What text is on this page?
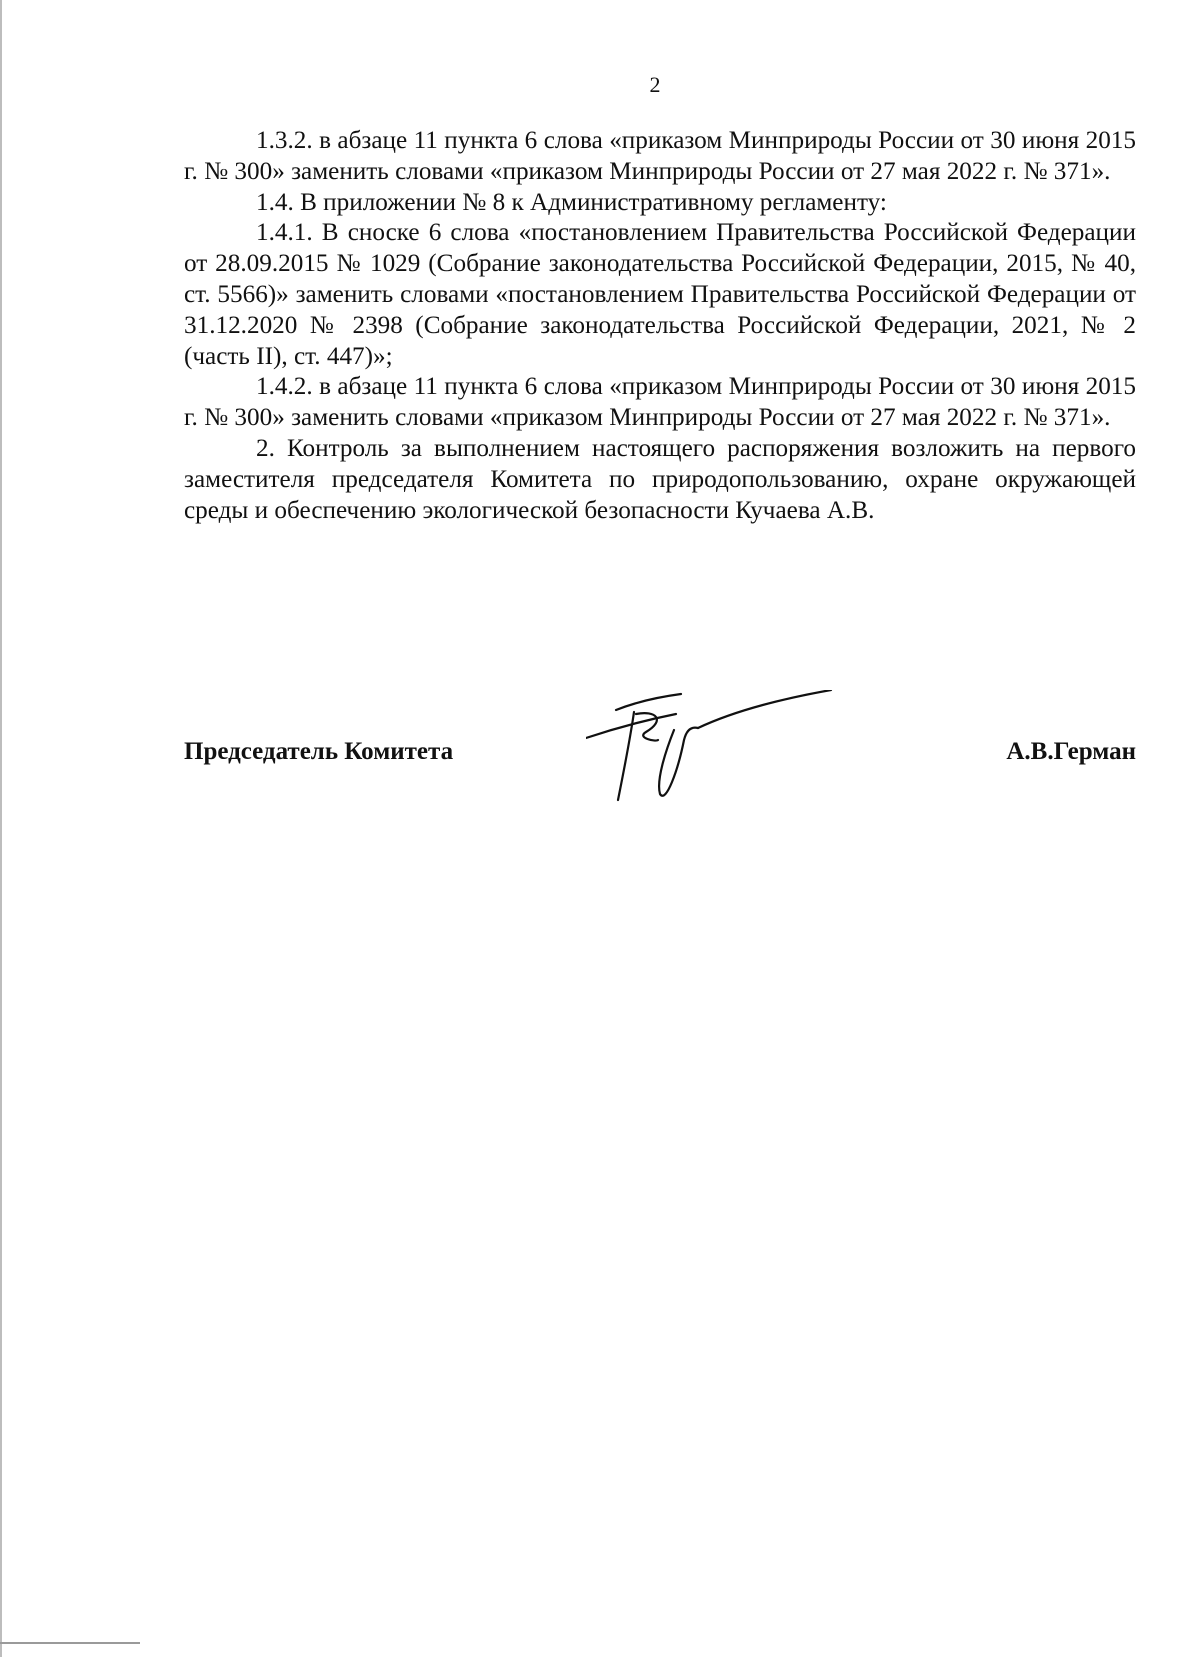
2

1.3.2. в абзаце 11 пункта 6 слова «приказом Минприроды России от 30 июня 2015 г. № 300» заменить словами «приказом Минприроды России от 27 мая 2022 г. № 371».

1.4. В приложении № 8 к Административному регламенту:

1.4.1. В сноске 6 слова «постановлением Правительства Российской Федерации от 28.09.2015 № 1029 (Собрание законодательства Российской Федерации, 2015, № 40, ст. 5566)» заменить словами «постановлением Правительства Российской Федерации от 31.12.2020 № 2398 (Собрание законодательства Российской Федерации, 2021, № 2 (часть II), ст. 447)»;

1.4.2. в абзаце 11 пункта 6 слова «приказом Минприроды России от 30 июня 2015 г. № 300» заменить словами «приказом Минприроды России от 27 мая 2022 г. № 371».

2. Контроль за выполнением настоящего распоряжения возложить на первого заместителя председателя Комитета по природопользованию, охране окружающей среды и обеспечению экологической безопасности Кучаева А.В.

Председатель Комитета	А.В.Герман
